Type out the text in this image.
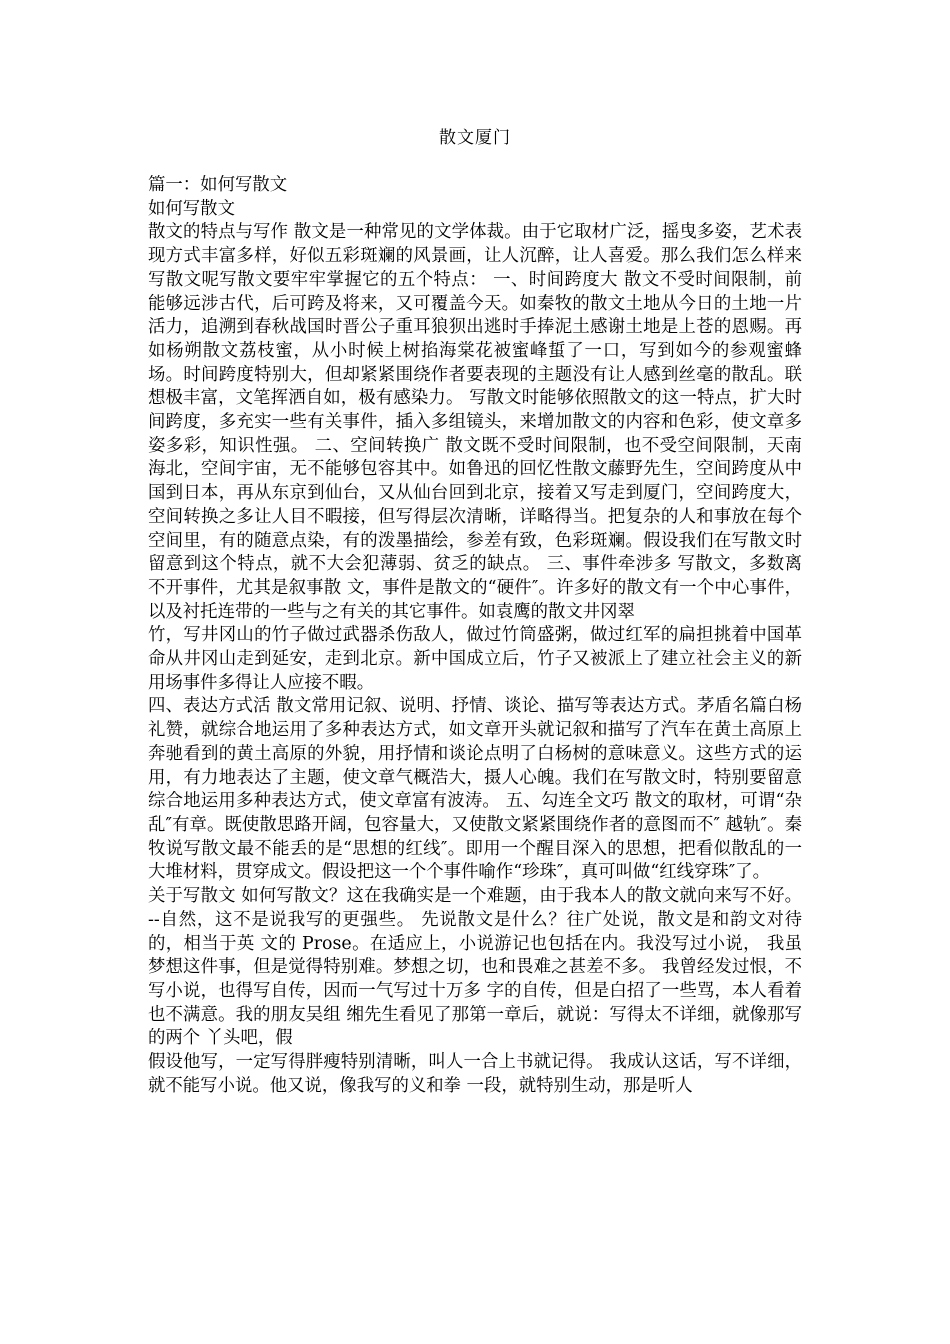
散文厦门

篇一：如何写散文

如何写散文

散文的特点与写作 散文是一种常见的文学体裁。由于它取材广泛，摇曳多姿，艺术表现方式丰富多样，好似五彩斑斓的风景画，让人沉醉，让人喜爱。那么我们怎么样来写散文呢写散文要牢牢掌握它的五个特点： 一、时间跨度大 散文不受时间限制，前能够远涉古代，后可跨及将来，又可覆盖今天。如秦牧的散文土地从今日的土地一片活力，追溯到春秋战国时晋公子重耳狼狈出逃时手捧泥土感谢土地是上苍的恩赐。再如杨朔散文荔枝蜜，从小时候上树掐海棠花被蜜峰蜇了一口，写到如今的参观蜜蜂场。时间跨度特别大，但却紧紧围绕作者要表现的主题没有让人感到丝毫的散乱。联想极丰富，文笔挥洒自如，极有感染力。 写散文时能够依照散文的这一特点，扩大时间跨度，多充实一些有关事件，插入多组镜头，来增加散文的内容和色彩，使文章多姿多彩，知识性强。 二、空间转换广 散文既不受时间限制，也不受空间限制，天南海北，空间宇宙，无不能够包容其中。如鲁迅的回忆性散文藤野先生，空间跨度从中国到日本，再从东京到仙台，又从仙台回到北京，接着又写走到厦门，空间跨度大，空间转换之多让人目不暇接，但写得层次清晰，详略得当。把复杂的人和事放在每个空间里，有的随意点染，有的泼墨描绘，参差有致，色彩斑斓。假设我们在写散文时留意到这个特点，就不大会犯薄弱、贫乏的缺点。 三、事件牵涉多 写散文，多数离不开事件，尤其是叙事散 文，事件是散文的“硬件″。许多好的散文有一个中心事件，以及衬托连带的一些与之有关的其它事件。如袁鹰的散文井冈翠

竹，写井冈山的竹子做过武器杀伤敌人，做过竹筒盛粥，做过红军的扁担挑着中国革命从井冈山走到延安，走到北京。新中国成立后，竹子又被派上了建立社会主义的新用场事件多得让人应接不暇。

四、表达方式活 散文常用记叙、说明、抒情、谈论、描写等表达方式。茅盾名篇白杨礼赞，就综合地运用了多种表达方式，如文章开头就记叙和描写了汽车在黄土高原上奔驰看到的黄土高原的外貌，用抒情和谈论点明了白杨树的意味意义。这些方式的运用，有力地表达了主题，使文章气概浩大，摄人心魄。我们在写散文时，特别要留意综合地运用多种表达方式，使文章富有波涛。 五、勾连全文巧 散文的取材，可谓“杂乱″有章。既使散思路开阔，包容量大，又使散文紧紧围绕作者的意图而不″ 越轨″。秦牧说写散文最不能丢的是“思想的红线″。即用一个醒目深入的思想，把看似散乱的一大堆材料，贯穿成文。假设把这一个个事件喻作“珍珠″，真可叫做“红线穿珠″了。

关于写散文 如何写散文？这在我确实是一个难题，由于我本人的散文就向来写不好。--自然，这不是说我写的更强些。 先说散文是什么？往广处说，散文是和韵文对待的，相当于英 文的 Prose。在适应上，小说游记也包括在内。我没写过小说， 我虽梦想这件事，但是觉得特别难。梦想之切，也和畏难之甚差不多。 我曾经发过恨，不写小说，也得写自传，因而一气写过十万多 字的自传，但是白招了一些骂，本人看着也不满意。我的朋友吴组 缃先生看见了那第一章后，就说：写得太不详细，就像那写的两个 丫头吧，假

假设他写，一定写得胖瘦特别清晰，叫人一合上书就记得。 我成认这话，写不详细，就不能写小说。他又说，像我写的义和拳 一段，就特别生动，那是听人
